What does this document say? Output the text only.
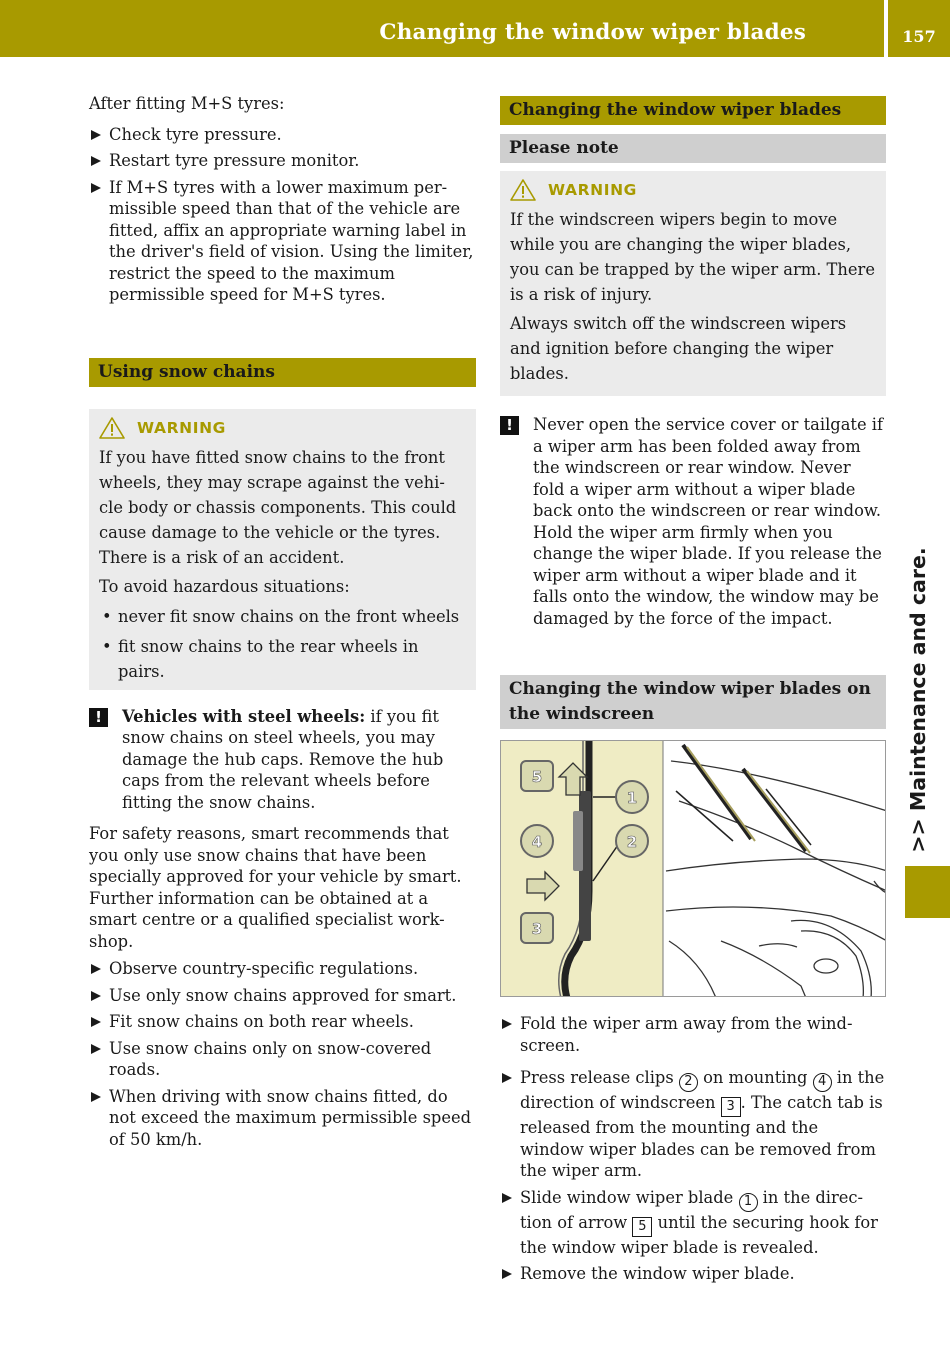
Changing the window wiper blades	157
>> Maintenance and care.

After fitting M+S tyres:

Check tyre pressure.
Restart tyre pressure monitor.
If M+S tyres with a lower maximum per-missible speed than that of the vehicle are fitted, affix an appropriate warning label in the driver's field of vision. Using the limiter, restrict the speed to the maximum permissible speed for M+S tyres.
Using snow chains
WARNING

If you have fitted snow chains to the front wheels, they may scrape against the vehi-cle body or chassis components. This could cause damage to the vehicle or the tyres. There is a risk of an accident.

To avoid hazardous situations:

• never fit snow chains on the front wheels
• fit snow chains to the rear wheels in pairs.
!	Vehicles with steel wheels: if you fit snow chains on steel wheels, you may damage the hub caps. Remove the hub caps from the relevant wheels before fitting the snow chains.

For safety reasons, smart recommends that you only use snow chains that have been specially approved for your vehicle by smart. Further information can be obtained at a smart centre or a qualified specialist work-shop.

Observe country-specific regulations.
Use only snow chains approved for smart.
Fit snow chains on both rear wheels.
Use snow chains only on snow-covered roads.
When driving with snow chains fitted, do not exceed the maximum permissible speed of 50 km/h.
Changing the window wiper blades
Please note
WARNING

If the windscreen wipers begin to move while you are changing the wiper blades, you can be trapped by the wiper arm. There is a risk of injury.

Always switch off the windscreen wipers and ignition before changing the wiper blades.

!	Never open the service cover or tailgate if a wiper arm has been folded away from the windscreen or rear window. Never fold a wiper arm without a wiper blade back onto the windscreen or rear window. Hold the wiper arm firmly when you change the wiper blade. If you release the wiper arm without a wiper blade and it falls onto the window, the window may be damaged by the force of the impact.
Changing the window wiper blades on the windscreen
5
4
3
1
2
Fold the wiper arm away from the wind-screen.
Press release clips 2 on mounting 4 in the direction of windscreen 3 . The catch tab is released from the mounting and the window wiper blades can be removed from the wiper arm.
Slide window wiper blade 1 in the direc-tion of arrow 5 until the securing hook for the window wiper blade is revealed.
Remove the window wiper blade.
